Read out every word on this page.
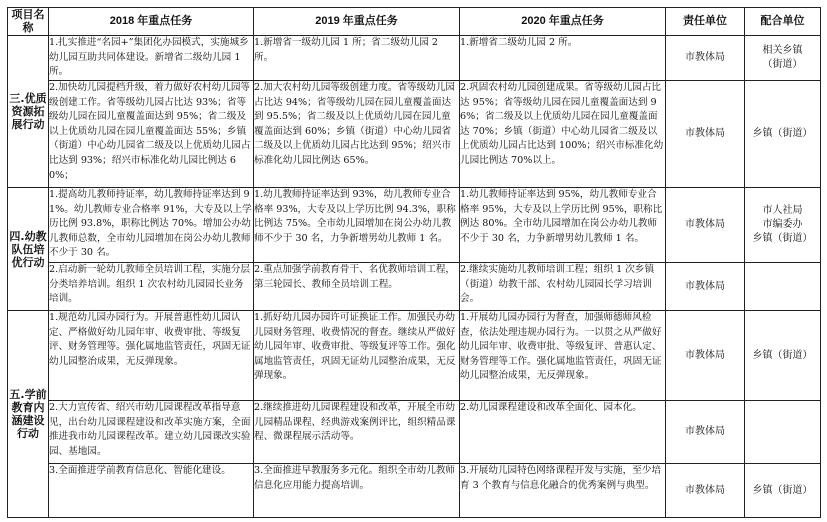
项目名称	2018 年重点任务	2019 年重点任务	2020 年重点任务	责任单位	配合单位
三.优质资源拓展行动	1.扎实推进“名园+”集团化办园模式，实施城乡幼儿园互助共同体建设。新增省二级幼儿园 1 所。	1.新增省一级幼儿园 1 所；省二级幼儿园 2 所。	1.新增省二级幼儿园 2 所。	市教体局	相关乡镇
（街道）

	2.加快幼儿园提档升级，着力做好农村幼儿园等级创建工作。省等级幼儿园占比达 93%；省等级幼儿园在园儿童覆盖面达到 95%；省二级及以上优质幼儿园在园儿童覆盖面达 55%；乡镇（街道）中心幼儿园省二级及以上优质幼儿园占比达到 93%；绍兴市标准化幼儿园比例达 60%；	2.加大农村幼儿园等级创建力度。省等级幼儿园占比达 94%；省等级幼儿园在园儿童覆盖面达到 95.5%；省二级及以上优质幼儿园在园儿童覆盖面达到 60%；乡镇（街道）中心幼儿园省二级及以上优质幼儿园占比达到 95%；绍兴市标准化幼儿园比例达 65%。	2.巩固农村幼儿园创建成果。省等级幼儿园占比达 95%；省等级幼儿园在园儿童覆盖面达到 96%；省二级及以上优质幼儿园在园儿童覆盖面达 70%；乡镇（街道）中心幼儿园省二级及以上优质幼儿园占比达到 100%；绍兴市标准化幼儿园比例达 70%以上。	市教体局	乡镇（街道）

四.幼教队伍培优行动	1.提高幼儿教师持证率，幼儿教师持证率达到 91%。幼儿教师专业合格率 91%，大专及以上学历比例 93.8%，职称比例达 70%。增加公办幼儿教师总数，全市幼儿园增加在岗公办幼儿教师不少于 30 名。	1.幼儿教师持证率达到 93%，幼儿教师专业合格率 93%，大专及以上学历比例 94.3%，职称比例达 75%。全市幼儿园增加在岗公办幼儿教师不少于 30 名，力争新增男幼儿教师 1 名。	1.幼儿教师持证率达到 95%，幼儿教师专业合格率 95%，大专及以上学历比例 95%，职称比例达 80%。全市幼儿园增加在岗公办幼儿教师不少于 30 名，力争新增男幼儿教师 1 名。	市教体局	市人社局
市编委办
乡镇（街道）

	2.启动新一轮幼儿教师全员培训工程，实施分层分类培养培训。组织 1 次农村幼儿园园长业务培训。	2.重点加强学前教育骨干、名优教师培训工程，第三轮园长、教师全员培训工程。	2.继续实施幼儿教师培训工程；组织 1 次乡镇（街道）幼教干部、农村幼儿园园长学习培训会。	市教体局	

五.学前教育内涵建设行动	1.规范幼儿园办园行为。开展普惠性幼儿园认定、严格做好幼儿园年审、收费审批、等级复评、财务管理等。强化属地监管责任，巩固无证幼儿园整治成果，无反弹现象。	1.抓好幼儿园办园许可证换证工作。加强民办幼儿园财务管理、收费情况的督查。继续从严做好幼儿园年审、收费审批、等级复评等工作。强化属地监管责任，巩固无证幼儿园整治成果，无反弹现象。	1.开展幼儿园办园行为督查，加强师德师风检查，依法处理违规办园行为。一以贯之从严做好幼儿园年审、收费审批、等级复评、普惠认定、财务管理等工作。强化属地监管责任，巩固无证幼儿园整治成果，无反弹现象。	市教体局	乡镇（街道）

	2.大力宣传省、绍兴市幼儿园课程改革指导意见，出台幼儿园课程建设和改革实施方案，全面推进我市幼儿园课程改革。建立幼儿园课改实验园、基地园。	2.继续推进幼儿园课程建设和改革，开展全市幼儿园精品课程、经典游戏案例评比，组织精品课程、微课程展示活动等。	2.幼儿园课程建设和改革全面化、园本化。	市教体局	

	3.全面推进学前教育信息化、智能化建设。	3.全面推进早教服务多元化。组织全市幼儿教师信息化应用能力提高培训。	3.开展幼儿园特色网络课程开发与实施，至少培育 3 个教育与信息化融合的优秀案例与典型。	市教体局	乡镇（街道）
